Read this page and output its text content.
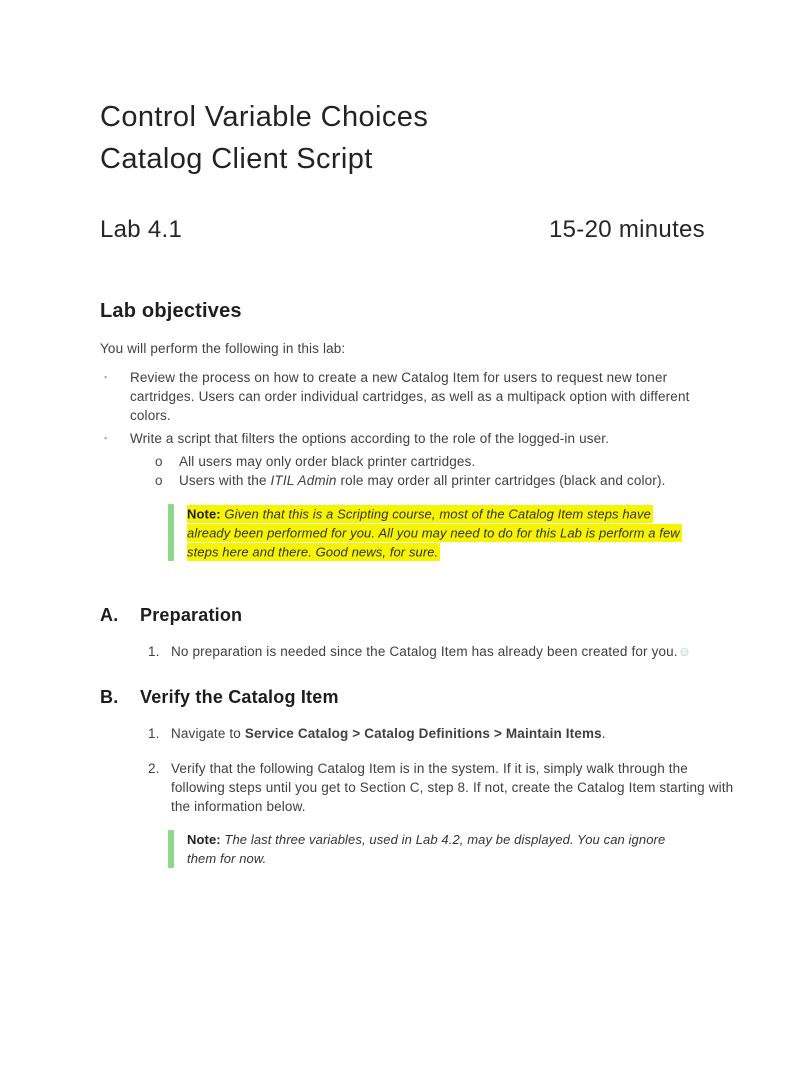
Control Variable Choices
Catalog Client Script
Lab 4.1	15-20 minutes
Lab objectives
You will perform the following in this lab:
▪	Review the process on how to create a new Catalog Item for users to request new toner cartridges. Users can order individual cartridges, as well as a multipack option with different colors.
▪	Write a script that filters the options according to the role of the logged-in user.
o	All users may only order black printer cartridges.
o	Users with the ITIL Admin role may order all printer cartridges (black and color).
Note: Given that this is a Scripting course, most of the Catalog Item steps have already been performed for you. All you may need to do for this Lab is perform a few steps here and there. Good news, for sure.
A.	Preparation
1. No preparation is needed since the Catalog Item has already been created for you.☺
B.	Verify the Catalog Item
1. Navigate to Service Catalog > Catalog Definitions > Maintain Items.
2. Verify that the following Catalog Item is in the system. If it is, simply walk through the following steps until you get to Section C, step 8. If not, create the Catalog Item starting with the information below.
Note: The last three variables, used in Lab 4.2, may be displayed. You can ignore them for now.
